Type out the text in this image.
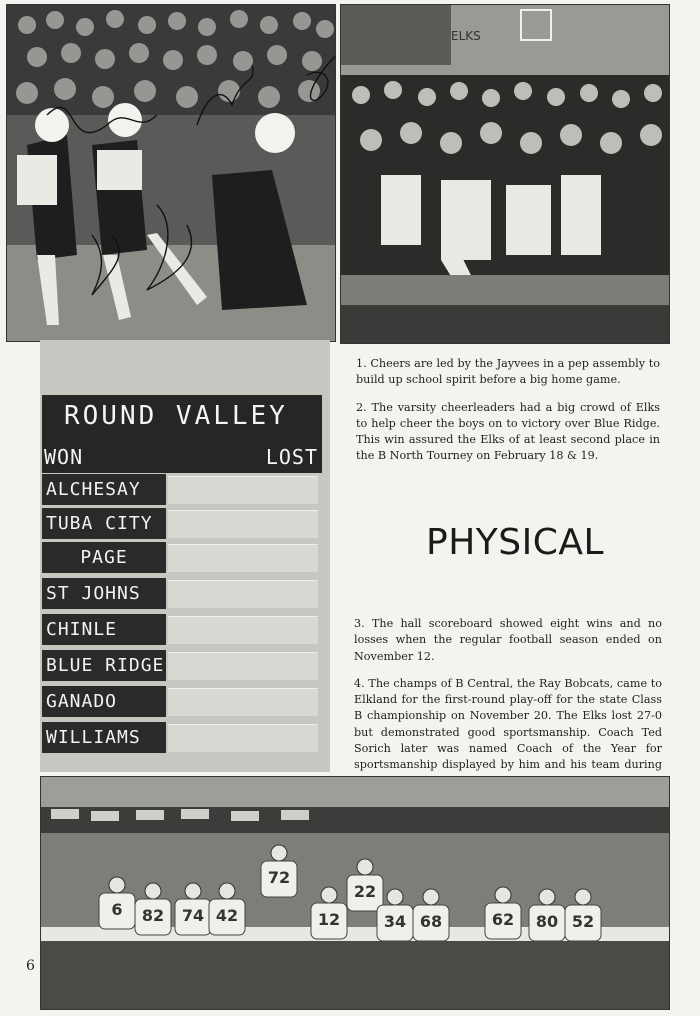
ELKS
ROUND VALLEY
WON	LOST
ALCHESAY
TUBA CITY
PAGE
ST JOHNS
CHINLE
BLUE RIDGE
GANADO
WILLIAMS

1. Cheers are led by the Jayvees in a pep assembly to build up school spirit before a big home game.

2. The varsity cheerleaders had a big crowd of Elks to help cheer the boys on to victory over Blue Ridge. This win assured the Elks of at least second place in the B North Tourney on February 18 & 19.

PHYSICAL

3. The hall scoreboard showed eight wins and no losses when the regular football season ended on November 12.

4. The champs of B Central, the Ray Bobcats, came to Elkland for the first-round play-off for the state Class B championship on November 20. The Elks lost 27-0 but demonstrated good sportsmanship. Coach Ted Sorich later was named Coach of the Year for sportsmanship displayed by him and his team during

72
22
6 82 74 42	12	34 68	62 80 52
6
